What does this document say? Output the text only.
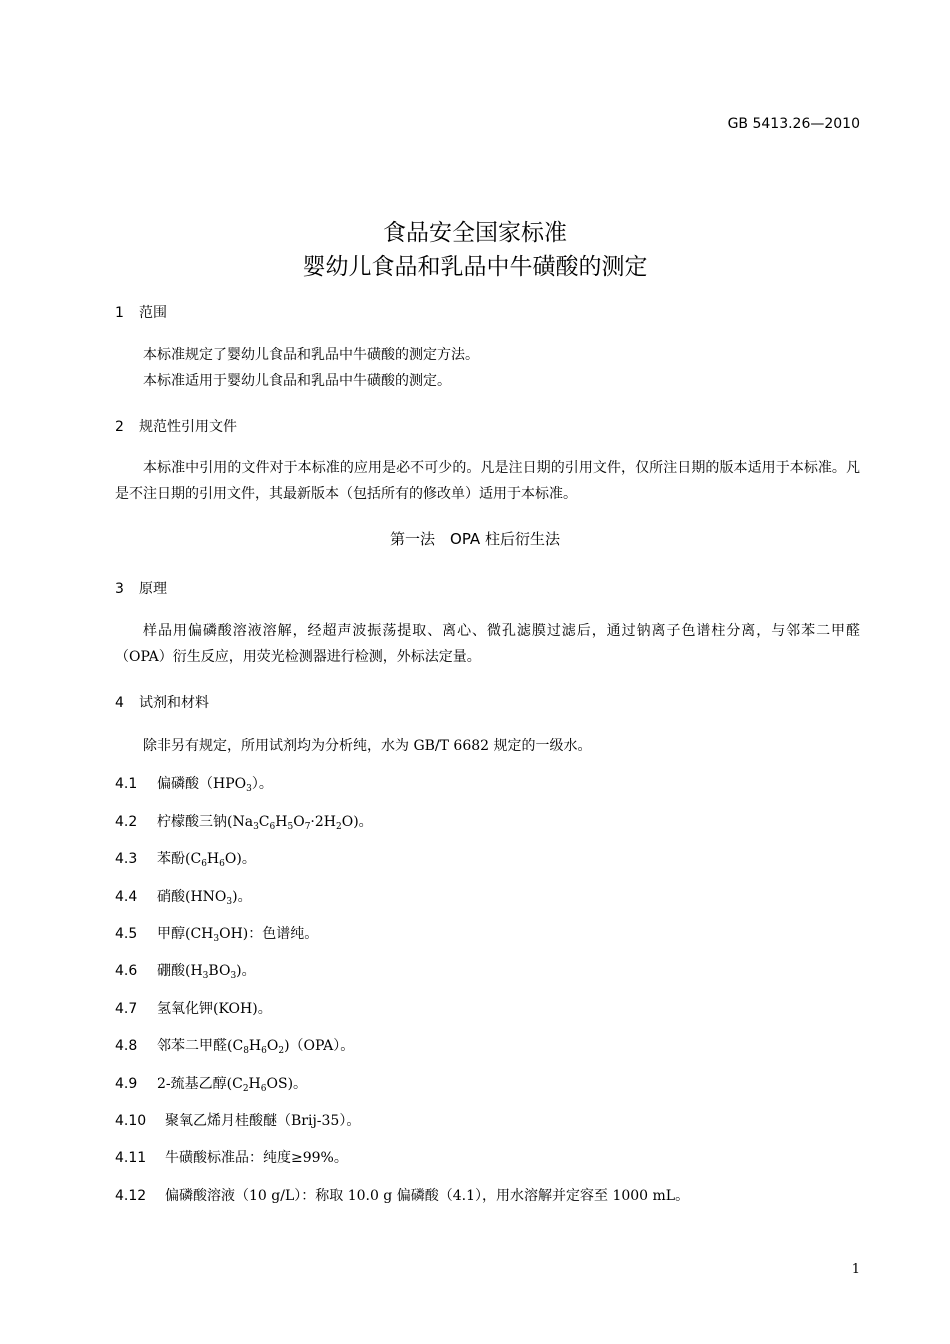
GB 5413.26—2010
食品安全国家标准
婴幼儿食品和乳品中牛磺酸的测定
1 范围
本标准规定了婴幼儿食品和乳品中牛磺酸的测定方法。
本标准适用于婴幼儿食品和乳品中牛磺酸的测定。
2 规范性引用文件
本标准中引用的文件对于本标准的应用是必不可少的。凡是注日期的引用文件，仅所注日期的版本适用于本标准。凡是不注日期的引用文件，其最新版本（包括所有的修改单）适用于本标准。
第一法　OPA 柱后衍生法
3 原理
样品用偏磷酸溶液溶解，经超声波振荡提取、离心、微孔滤膜过滤后，通过钠离子色谱柱分离，与邻苯二甲醛（OPA）衍生反应，用荧光检测器进行检测，外标法定量。
4 试剂和材料
除非另有规定，所用试剂均为分析纯，水为 GB/T 6682 规定的一级水。
4.1 偏磷酸$(HPO_3)$。
4.2 柠檬酸三钠$(Na_3C_6H_5O_7\cdot 2H_2O)$。
4.3 苯酚$(C_6H_6O)$。
4.4 硝酸$(HNO_3)$。
4.5 甲醇$(CH_3OH)$：色谱纯。
4.6 硼酸$(H_3BO_3)$。
4.7 氢氧化钾(KOH)。
4.8 邻苯二甲醛$(C_8H_6O_2)(OPA)$。
4.9 2-巯基乙醇$(C_2H_6OS)$。
4.10 聚氧乙烯月桂酸醚（Brij-35）。
4.11 牛磺酸标准品：纯度≥99%。
4.12 偏磷酸溶液（10 g/L）：称取 10.0 g 偏磷酸（4.1），用水溶解并定容至 1000 mL。
1
